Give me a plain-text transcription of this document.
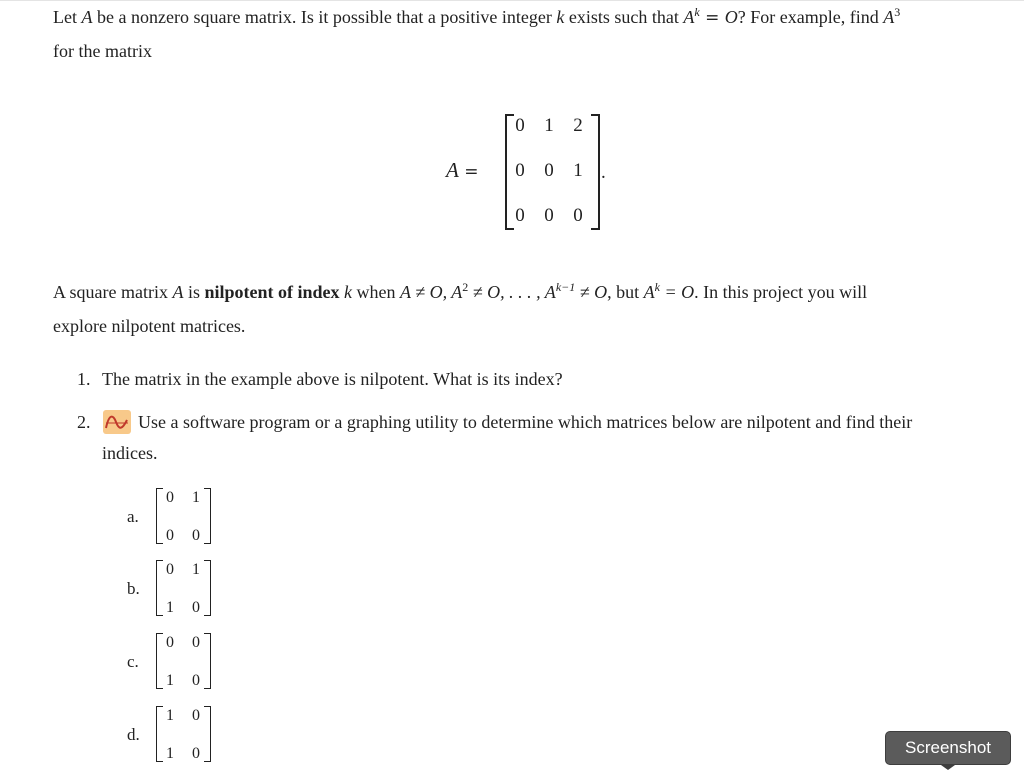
Let A be a nonzero square matrix. Is it possible that a positive integer k exists such that $A^k = O$? For example, find $A^3$
for the matrix
A =
0	1	2
0	0	1
0	0	0
.
A square matrix A is nilpotent of index k when A ≠ O, $A^2 \ne O$, . . . , $A^{k-1} \ne O$, but $A^k = O$. In this project you will
explore nilpotent matrices.
1. The matrix in the example above is nilpotent. What is its index?
2.	Use a software program or a graphing utility to determine which matrices below are nilpotent and find their
indices.
a.
0 1
0 0
b.
0 1
1 0
c.
0 0
1 0
d.
1 0
1 0	Screenshot
